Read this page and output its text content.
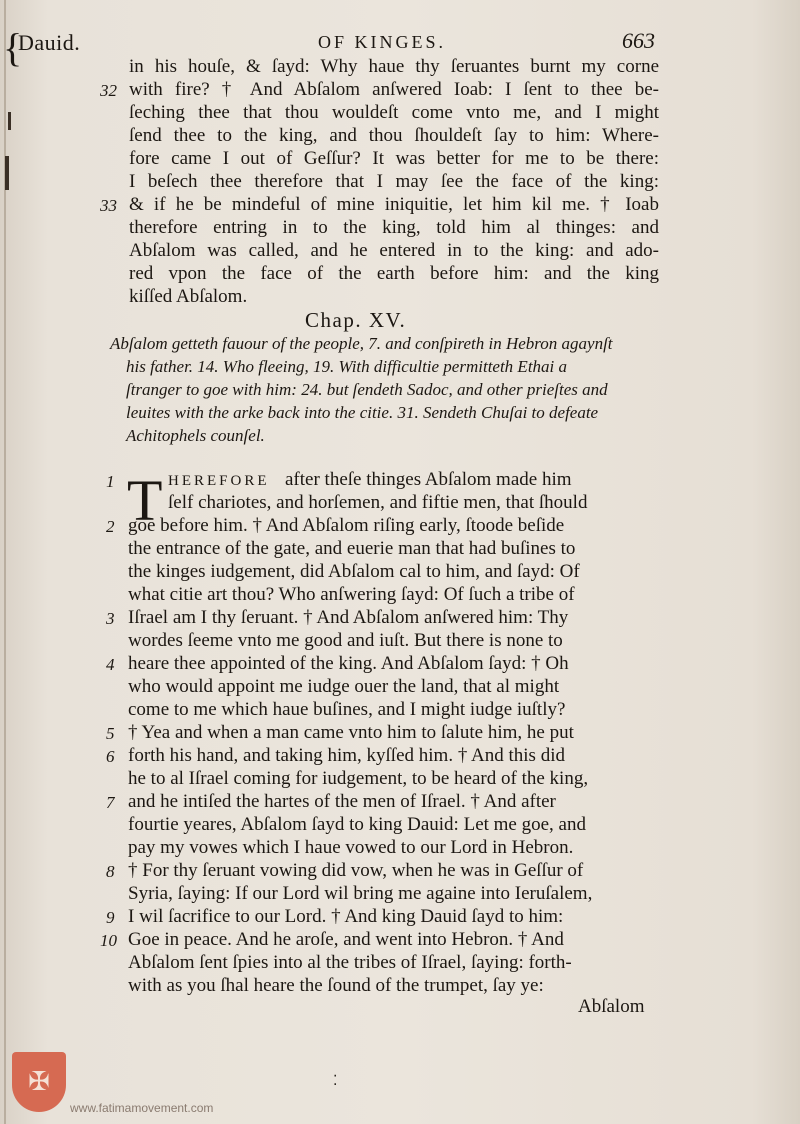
{
Dauid.	OF KINGES.	663
in his houſe, & ſayd: Why haue thy ſeruantes burnt my corne
with fire? † And Abſalom anſwered Ioab: I ſent to thee be-
ſeching thee that thou wouldeſt come vnto me, and I might
ſend thee to the king, and thou ſhouldeſt ſay to him: Where-
fore came I out of Geſſur? It was better for me to be there:
I beſech thee therefore that I may ſee the face of the king:
& if he be mindeful of mine iniquitie, let him kil me. † Ioab
therefore entring in to the king, told him al thinges: and
Abſalom was called, and he entered in to the king: and ado-
red vpon the face of the earth before him: and the king
kiſſed Abſalom.
32
33
Chap. XV.
Abſalom getteth fauour of the people, 7. and conſpireth in Hebron agaynſt
his father. 14. Who fleeing, 19. With difficultie permitteth Ethai a
ſtranger to goe with him: 24. but ſendeth Sadoc, and other prieſtes and
leuites with the arke back into the citie. 31. Sendeth Chuſai to defeate
Achitophels counſel.
T HEREFORE after theſe thinges Abſalom made him
ſelf chariotes, and horſemen, and fiftie men, that ſhould
goe before him. † And Abſalom riſing early, ſtoode beſide
the entrance of the gate, and euerie man that had buſines to
the kinges iudgement, did Abſalom cal to him, and ſayd: Of
what citie art thou? Who anſwering ſayd: Of ſuch a tribe of
Iſrael am I thy ſeruant. † And Abſalom anſwered him: Thy
wordes ſeeme vnto me good and iuſt. But there is none to
heare thee appointed of the king. And Abſalom ſayd: † Oh
who would appoint me iudge ouer the land, that al might
come to me which haue buſines, and I might iudge iuſtly?
† Yea and when a man came vnto him to ſalute him, he put
forth his hand, and taking him, kyſſed him. † And this did
he to al Iſrael coming for iudgement, to be heard of the king,
and he intiſed the hartes of the men of Iſrael. † And after
fourtie yeares, Abſalom ſayd to king Dauid: Let me goe, and
pay my vowes which I haue vowed to our Lord in Hebron.
† For thy ſeruant vowing did vow, when he was in Geſſur of
Syria, ſaying: If our Lord wil bring me againe into Ieruſalem,
I wil ſacrifice to our Lord. † And king Dauid ſayd to him:
Goe in peace. And he aroſe, and went into Hebron. † And
Abſalom ſent ſpies into al the tribes of Iſrael, ſaying: forth-
with as you ſhal heare the ſound of the trumpet, ſay ye:
1
2
3
4
5
6
7
8
9
10
Abſalom
⁚
✠
www.fatimamovement.com
